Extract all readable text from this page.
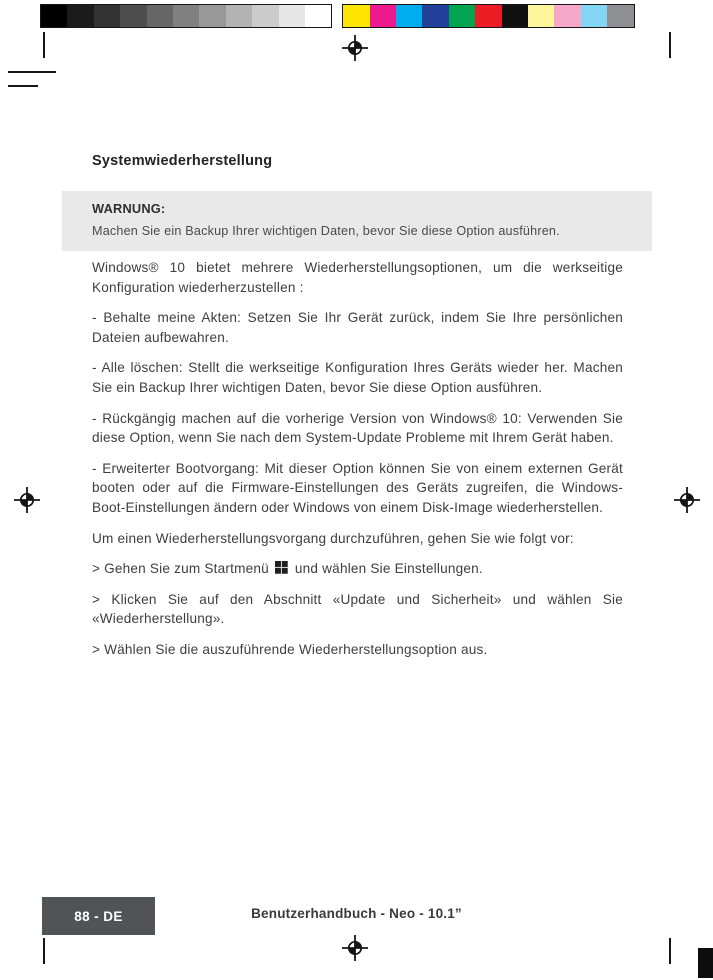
Systemwiederherstellung
WARNUNG:
Machen Sie ein Backup Ihrer wichtigen Daten, bevor Sie diese Option ausführen.

Windows® 10 bietet mehrere Wiederherstellungsoptionen, um die werkseitige Konfiguration wiederherzustellen :

- Behalte meine Akten: Setzen Sie Ihr Gerät zurück, indem Sie Ihre persönlichen Dateien aufbewahren.

- Alle löschen: Stellt die werkseitige Konfiguration Ihres Geräts wieder her. Machen Sie ein Backup Ihrer wichtigen Daten, bevor Sie diese Option ausführen.

- Rückgängig machen auf die vorherige Version von Windows® 10: Verwenden Sie diese Option, wenn Sie nach dem System-Update Probleme mit Ihrem Gerät haben.

- Erweiterter Bootvorgang: Mit dieser Option können Sie von einem externen Gerät booten oder auf die Firmware-Einstellungen des Geräts zugreifen, die Windows-Boot-Einstellungen ändern oder Windows von einem Disk-Image wiederherstellen.

Um einen Wiederherstellungsvorgang durchzuführen, gehen Sie wie folgt vor:

> Gehen Sie zum Startmenü und wählen Sie Einstellungen.

> Klicken Sie auf den Abschnitt «Update und Sicherheit» und wählen Sie «Wiederherstellung».

> Wählen Sie die auszuführende Wiederherstellungsoption aus.

88 - DE	Benutzerhandbuch - Neo - 10.1”
